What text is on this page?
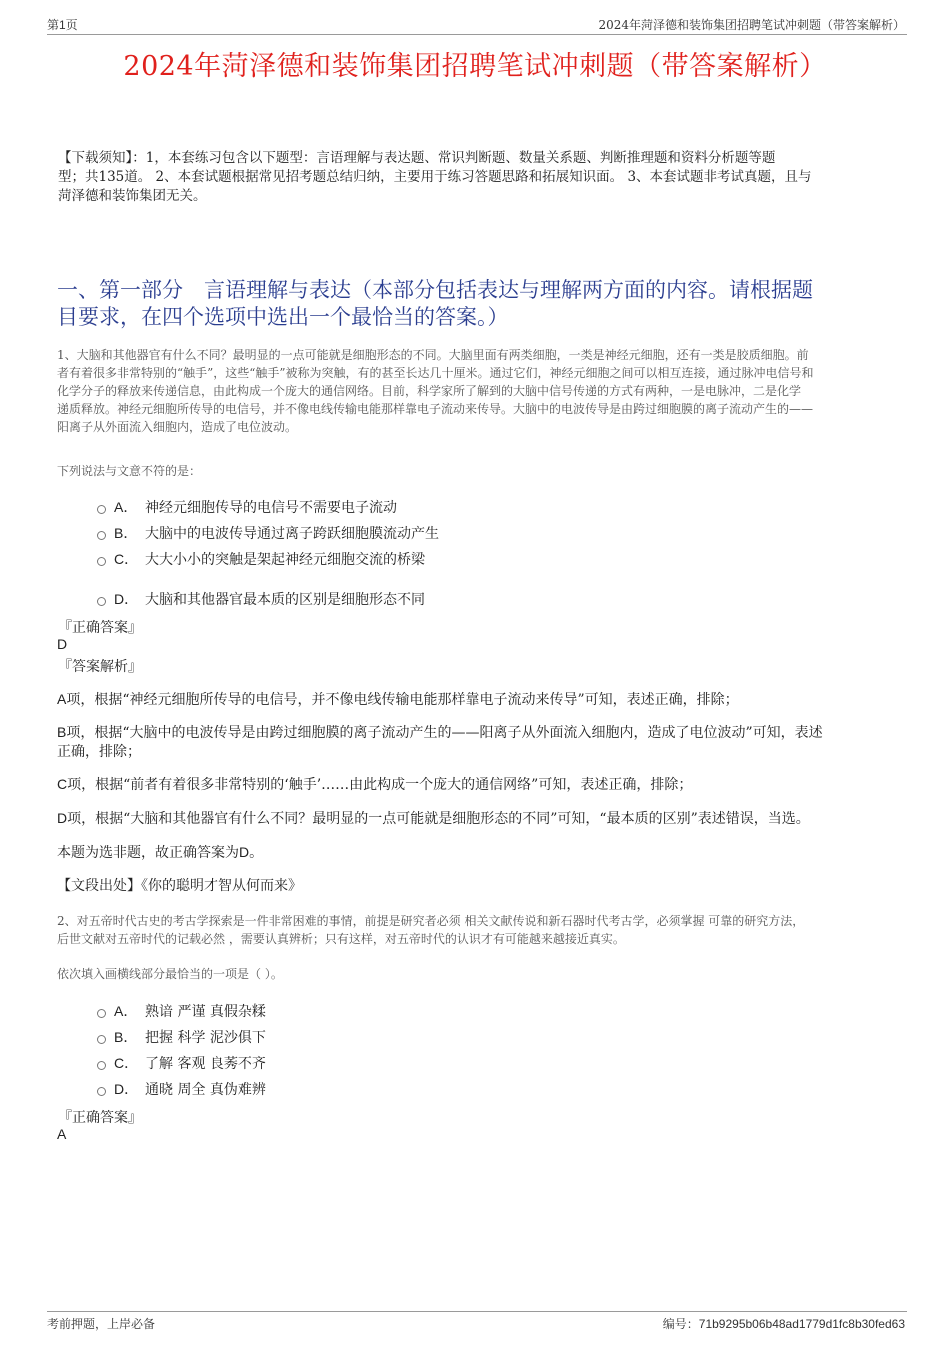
第1页	2024年菏泽德和装饰集团招聘笔试冲刺题（带答案解析）
2024年菏泽德和装饰集团招聘笔试冲刺题（带答案解析）
【下载须知】：1，本套练习包含以下题型：言语理解与表达题、常识判断题、数量关系题、判断推理题和资料分析题等题
型；共135道。 2、本套试题根据常见招考题总结归纳，主要用于练习答题思路和拓展知识面。 3、本套试题非考试真题，且与
菏泽德和装饰集团无关。
一、第一部分　言语理解与表达（本部分包括表达与理解两方面的内容。请根据题
目要求，在四个选项中选出一个最恰当的答案。）
1、大脑和其他器官有什么不同？最明显的一点可能就是细胞形态的不同。大脑里面有两类细胞，一类是神经元细胞，还有一类是胶质细胞。前
者有着很多非常特别的“触手”，这些“触手”被称为突触，有的甚至长达几十厘米。通过它们，神经元细胞之间可以相互连接，通过脉冲电信号和
化学分子的释放来传递信息，由此构成一个庞大的通信网络。目前，科学家所了解到的大脑中信号传递的方式有两种，一是电脉冲，二是化学
递质释放。神经元细胞所传导的电信号，并不像电线传输电能那样靠电子流动来传导。大脑中的电波传导是由跨过细胞膜的离子流动产生的——
阳离子从外面流入细胞内，造成了电位波动。
下列说法与文意不符的是：
A． 神经元细胞传导的电信号不需要电子流动
B． 大脑中的电波传导通过离子跨跃细胞膜流动产生
C． 大大小小的突触是架起神经元细胞交流的桥梁
D． 大脑和其他器官最本质的区别是细胞形态不同
『正确答案』
D
『答案解析』
A项，根据“神经元细胞所传导的电信号，并不像电线传输电能那样靠电子流动来传导”可知，表述正确，排除；
B项，根据“大脑中的电波传导是由跨过细胞膜的离子流动产生的——阳离子从外面流入细胞内，造成了电位波动”可知，表述
正确，排除；
C项，根据“前者有着很多非常特别的‘触手’……由此构成一个庞大的通信网络”可知，表述正确，排除；
D项，根据“大脑和其他器官有什么不同？最明显的一点可能就是细胞形态的不同”可知，“最本质的区别”表述错误，当选。
本题为选非题，故正确答案为D。
【文段出处】《你的聪明才智从何而来》
2、对五帝时代古史的考古学探索是一件非常困难的事情，前提是研究者必须 相关文献传说和新石器时代考古学，必须掌握 可靠的研究方法，
后世文献对五帝时代的记载必然 ，需要认真辨析；只有这样，对五帝时代的认识才有可能越来越接近真实。
依次填入画横线部分最恰当的一项是（ ）。
A． 熟谙 严谨 真假杂糅
B． 把握 科学 泥沙俱下
C． 了解 客观 良莠不齐
D． 通晓 周全 真伪难辨
『正确答案』
A
考前押题，上岸必备	编号：71b9295b06b48ad1779d1fc8b30fed63
